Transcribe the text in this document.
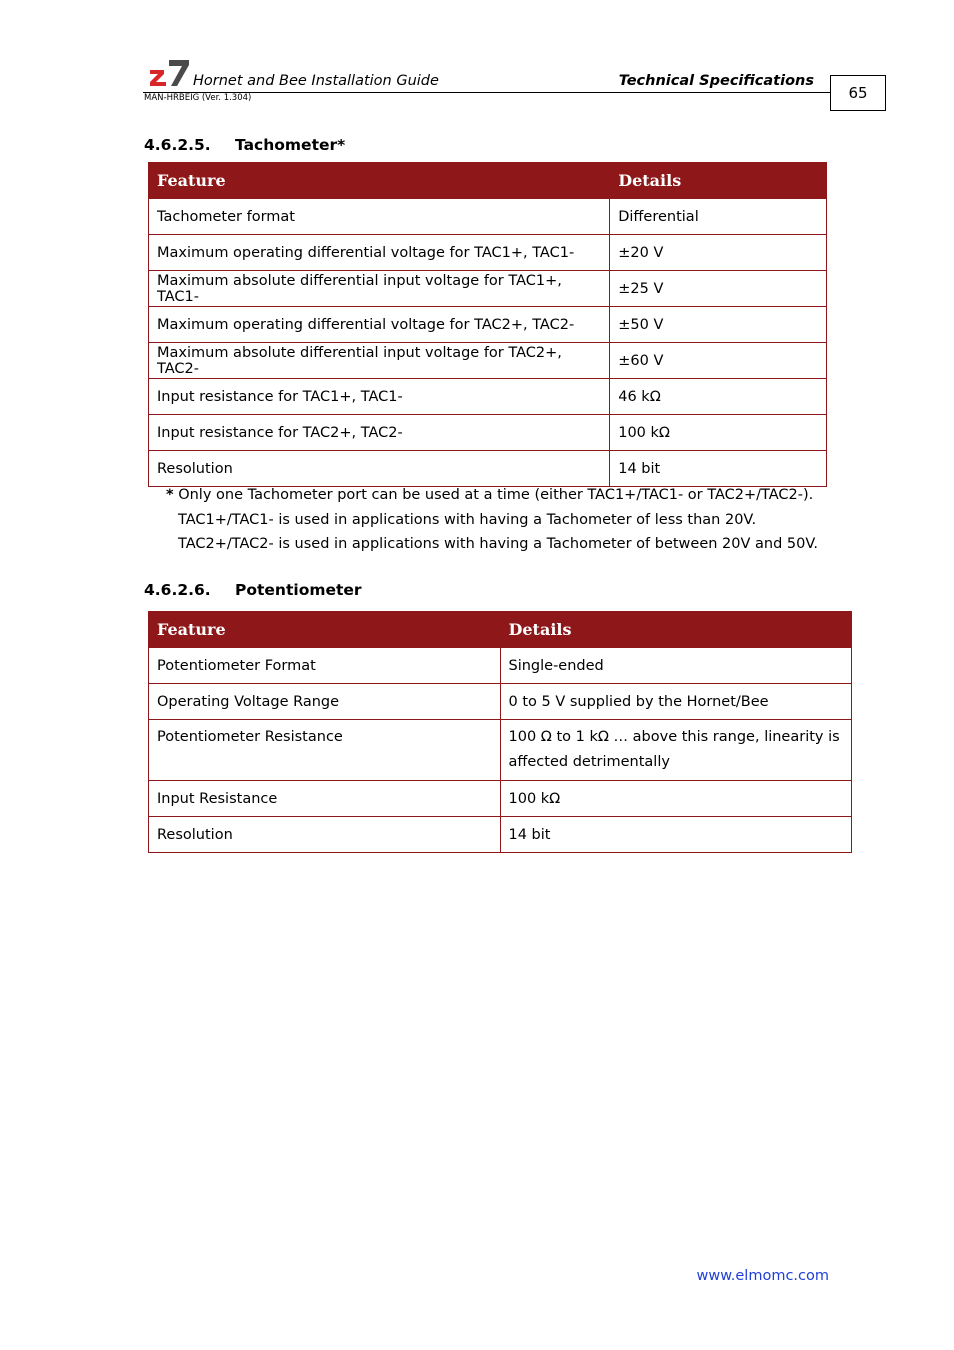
Hornet and Bee Installation Guide	Technical Specifications
MAN-HRBEIG (Ver. 1.304)	65
4.6.2.5. Tachometer*
Feature	Details
Tachometer format	Differential
Maximum operating differential voltage for TAC1+, TAC1-	±20 V
Maximum absolute differential input voltage for TAC1+, TAC1-	±25 V
Maximum operating differential voltage for TAC2+, TAC2-	±50 V
Maximum absolute differential input voltage for TAC2+, TAC2-	±60 V
Input resistance for TAC1+, TAC1-	46 kΩ
Input resistance for TAC2+, TAC2-	100 kΩ
Resolution	14 bit
* Only one Tachometer port can be used at a time (either TAC1+/TAC1- or TAC2+/TAC2-).
TAC1+/TAC1- is used in applications with having a Tachometer of less than 20V.
TAC2+/TAC2- is used in applications with having a Tachometer of between 20V and 50V.
4.6.2.6. Potentiometer
Feature	Details
Potentiometer Format	Single-ended
Operating Voltage Range	0 to 5 V supplied by the Hornet/Bee
Potentiometer Resistance	100 Ω to 1 kΩ … above this range, linearity is affected detrimentally
Input Resistance	100 kΩ
Resolution	14 bit
www.elmomc.com
